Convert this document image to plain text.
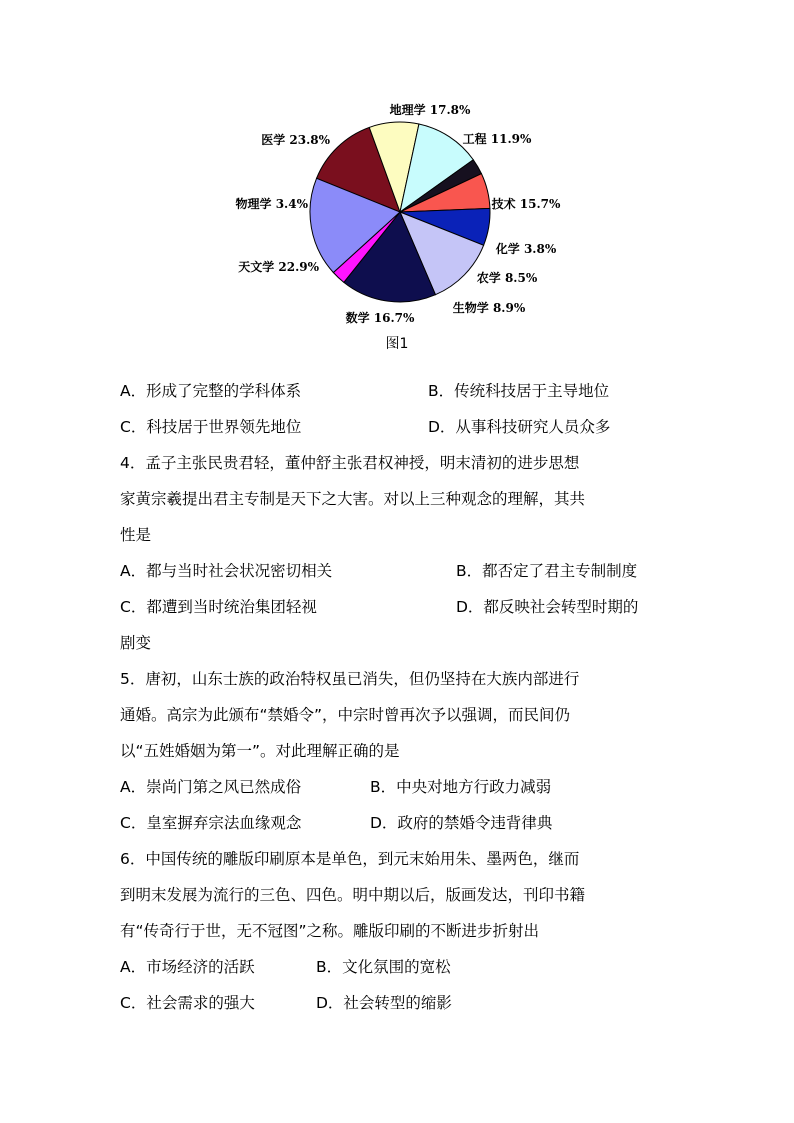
地理学 17.8%
工程 11.9%
技术 15.7%
化学 3.8%
农学 8.5%
生物学 8.9%
数学 16.7%
天文学 22.9%
物理学 3.4%
医学 23.8%
图1
A．形成了完整的学科体系	B．传统科技居于主导地位
C．科技居于世界领先地位	D．从事科技研究人员众多
4．孟子主张民贵君轻，董仲舒主张君权神授，明末清初的进步思想
家黄宗羲提出君主专制是天下之大害。对以上三种观念的理解，其共
性是
A．都与当时社会状况密切相关	B．都否定了君主专制制度
C．都遭到当时统治集团轻视	D．都反映社会转型时期的
剧变
5．唐初，山东士族的政治特权虽已消失，但仍坚持在大族内部进行
通婚。高宗为此颁布“禁婚令”，中宗时曾再次予以强调，而民间仍
以“五姓婚姻为第一”。对此理解正确的是
A．崇尚门第之风已然成俗	B．中央对地方行政力减弱
C．皇室摒弃宗法血缘观念	D．政府的禁婚令违背律典
6．中国传统的雕版印刷原本是单色，到元末始用朱、墨两色，继而
到明末发展为流行的三色、四色。明中期以后，版画发达，刊印书籍
有“传奇行于世，无不冠图”之称。雕版印刷的不断进步折射出
A．市场经济的活跃	B．文化氛围的宽松
C．社会需求的强大	D．社会转型的缩影
